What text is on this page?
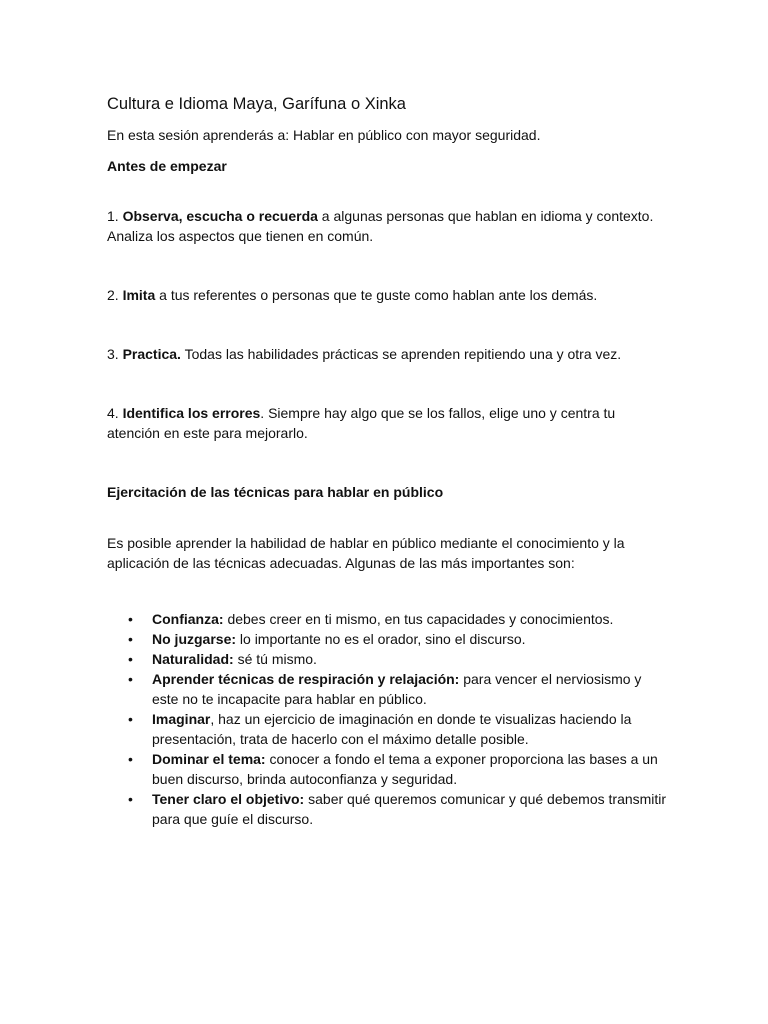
Cultura e Idioma Maya, Garífuna o Xinka

En esta sesión aprenderás a: Hablar en público con mayor seguridad.

Antes de empezar

1. Observa, escucha o recuerda a algunas personas que hablan en idioma y contexto. Analiza los aspectos que tienen en común.

2. Imita a tus referentes o personas que te guste como hablan ante los demás.

3. Practica. Todas las habilidades prácticas se aprenden repitiendo una y otra vez.

4. Identifica los errores. Siempre hay algo que se los fallos, elige uno y centra tu atención en este para mejorarlo.

Ejercitación de las técnicas para hablar en público

Es posible aprender la habilidad de hablar en público mediante el conocimiento y la aplicación de las técnicas adecuadas. Algunas de las más importantes son:

• Confianza: debes creer en ti mismo, en tus capacidades y conocimientos.
• No juzgarse: lo importante no es el orador, sino el discurso.
• Naturalidad: sé tú mismo.
• Aprender técnicas de respiración y relajación: para vencer el nerviosismo y este no te incapacite para hablar en público.
• Imaginar, haz un ejercicio de imaginación en donde te visualizas haciendo la presentación, trata de hacerlo con el máximo detalle posible.
• Dominar el tema: conocer a fondo el tema a exponer proporciona las bases a un buen discurso, brinda autoconfianza y seguridad.
• Tener claro el objetivo: saber qué queremos comunicar y qué debemos transmitir para que guíe el discurso.
